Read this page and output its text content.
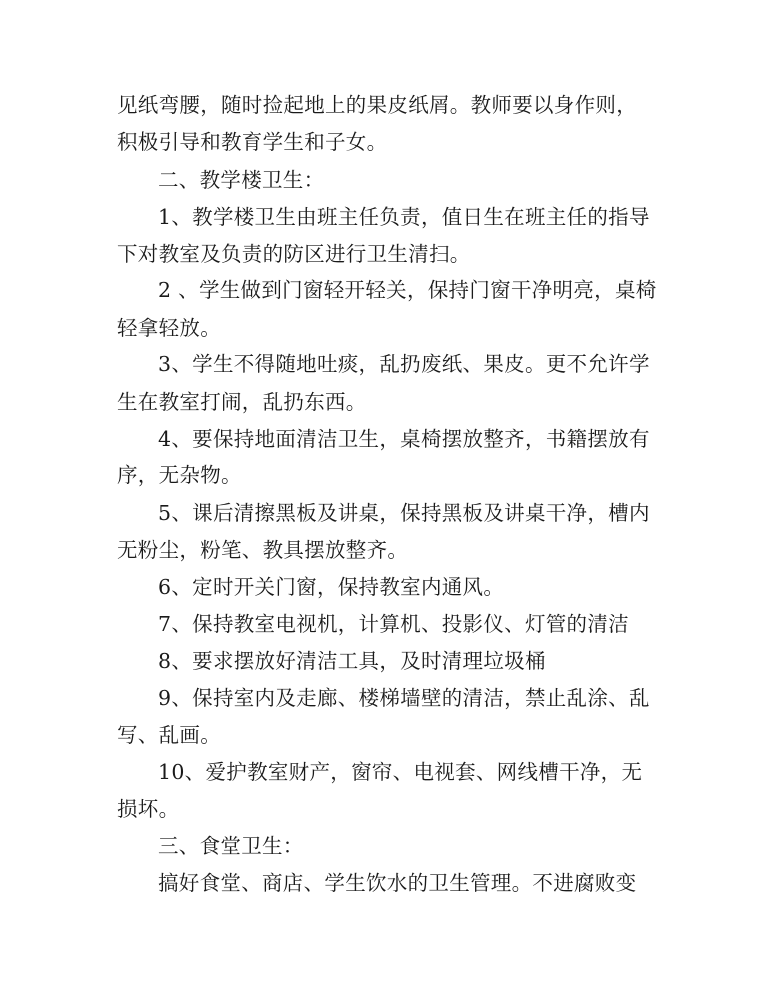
见纸弯腰，随时捡起地上的果皮纸屑。教师要以身作则，
积极引导和教育学生和子女。
二、教学楼卫生：
1、教学楼卫生由班主任负责，值日生在班主任的指导
下对教室及负责的防区进行卫生清扫。
2 、学生做到门窗轻开轻关，保持门窗干净明亮，桌椅
轻拿轻放。
3、学生不得随地吐痰，乱扔废纸、果皮。更不允许学
生在教室打闹，乱扔东西。
4、要保持地面清洁卫生，桌椅摆放整齐，书籍摆放有
序，无杂物。
5、课后清擦黑板及讲桌，保持黑板及讲桌干净，槽内
无粉尘，粉笔、教具摆放整齐。
6、定时开关门窗，保持教室内通风。
7、保持教室电视机，计算机、投影仪、灯管的清洁
8、要求摆放好清洁工具，及时清理垃圾桶
9、保持室内及走廊、楼梯墙壁的清洁，禁止乱涂、乱
写、乱画。
10、爱护教室财产，窗帘、电视套、网线槽干净，无
损坏。
三、食堂卫生：
搞好食堂、商店、学生饮水的卫生管理。不进腐败变
